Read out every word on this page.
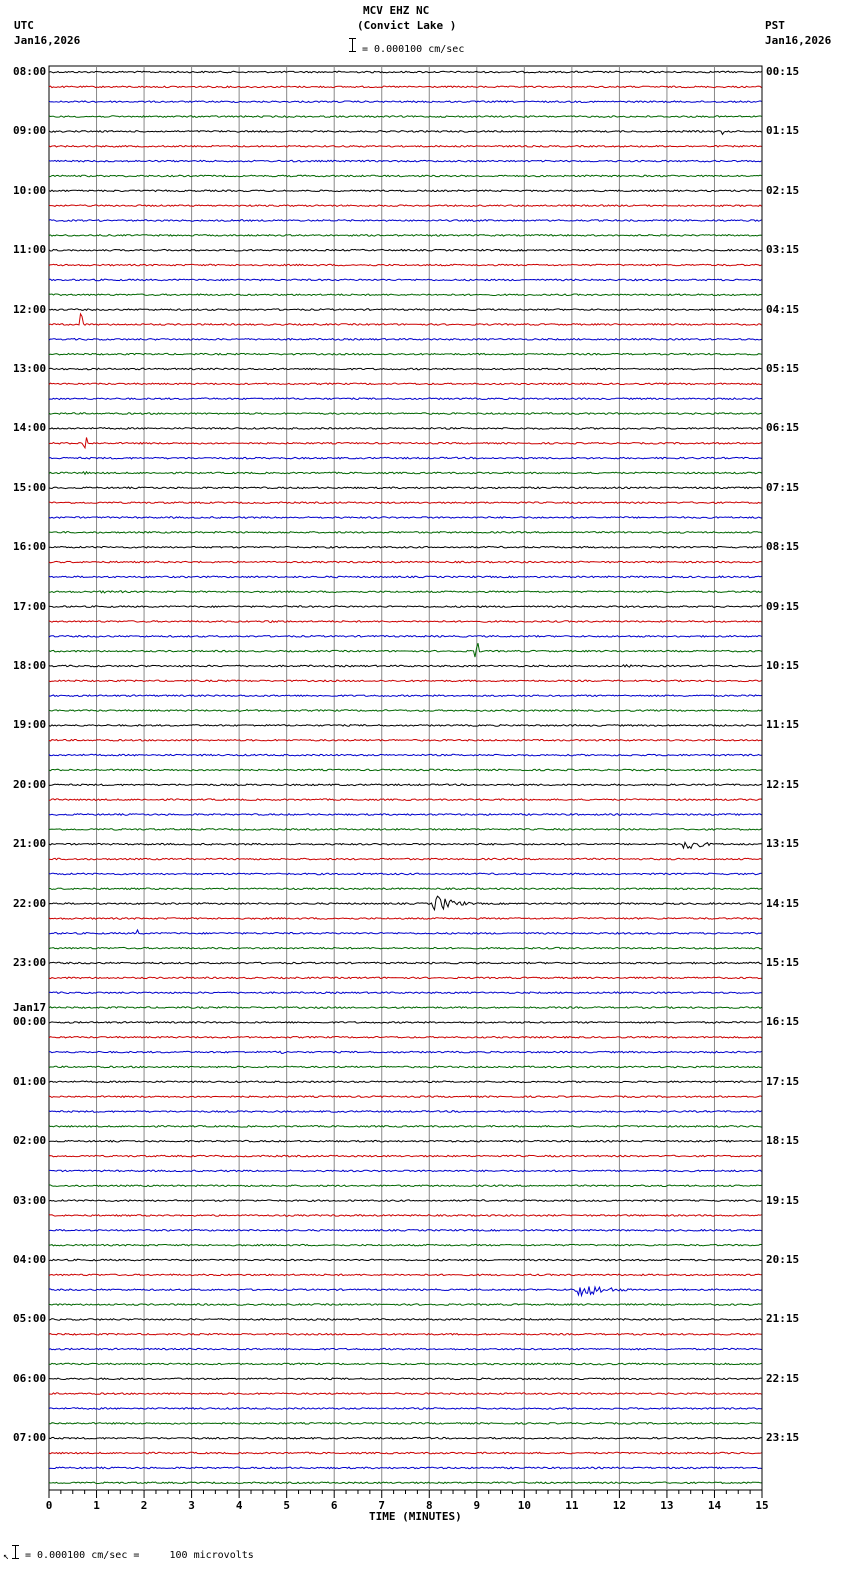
MCV EHZ NC
(Convict Lake )
= 0.000100 cm/sec
UTC
Jan16,2026
PST
Jan16,2026
08:00
09:00
10:00
11:00
12:00
13:00
14:00
15:00
16:00
17:00
18:00
19:00
20:00
21:00
22:00
23:00
00:00
Jan17
01:00
02:00
03:00
04:00
05:00
06:00
07:00
00:15
01:15
02:15
03:15
04:15
05:15
06:15
07:15
08:15
09:15
10:15
11:15
12:15
13:15
14:15
15:15
16:15
17:15
18:15
19:15
20:15
21:15
22:15
23:15
0	1	2	3	4	5	6	7	8	9	10	11	12	13	14	15
TIME (MINUTES)
↖ = 0.000100 cm/sec =     100 microvolts
